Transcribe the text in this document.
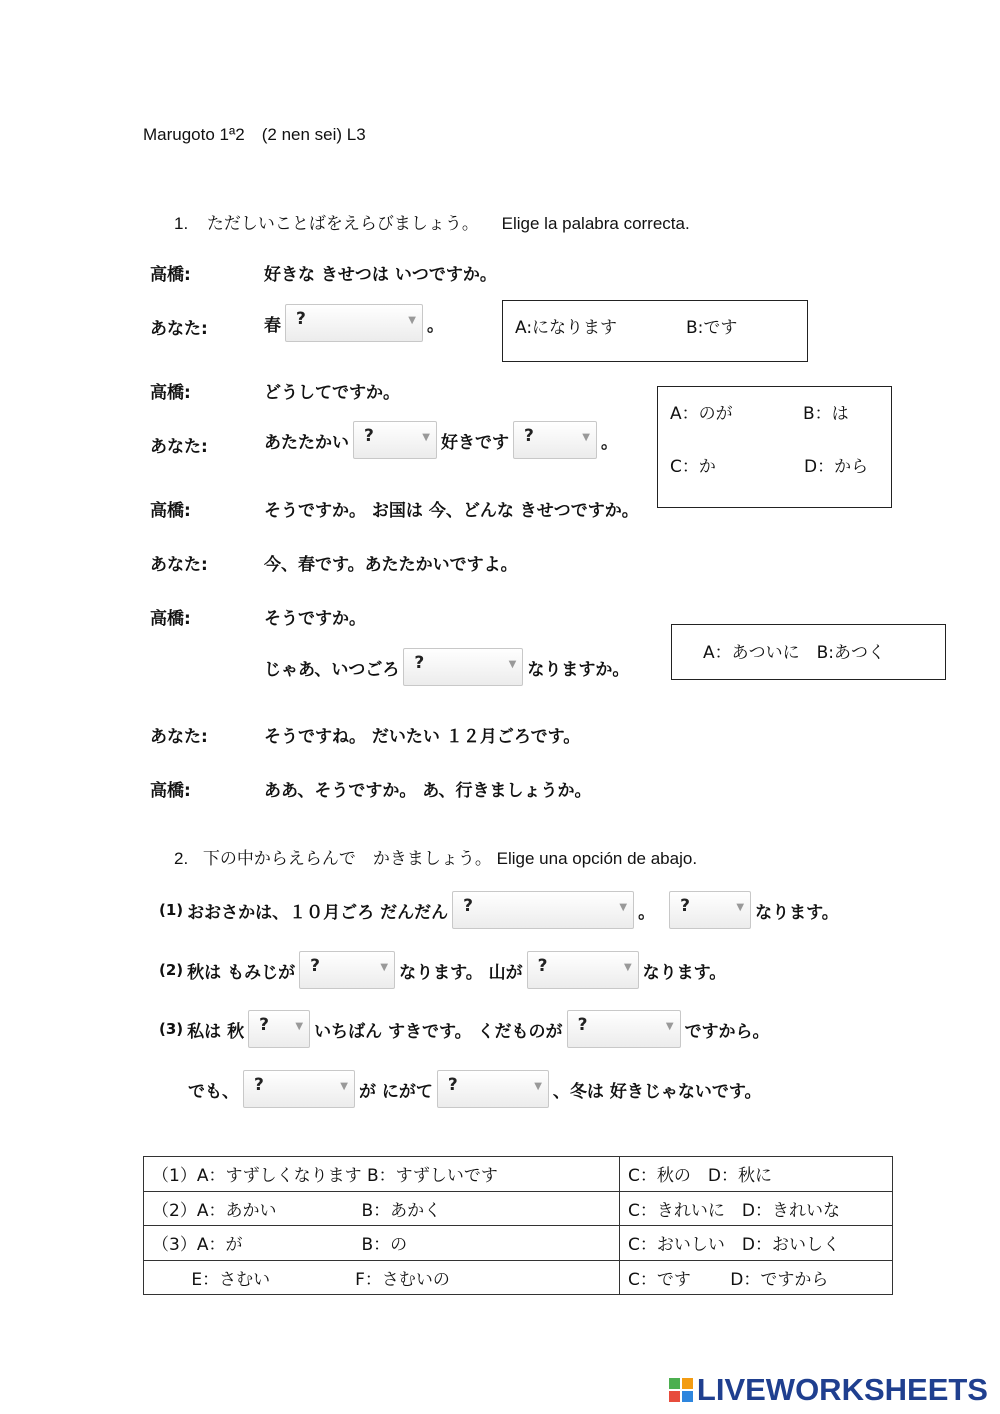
Marugoto 1ª2　(2 nen sei) L3
1. ただしいことばをえらびましょう。 Elige la palabra correcta.
高橋:	好きな きせつは いつですか。
あなた:	春 ?	▼ 。
高橋:	どうしてですか。
あなた:	あたたかい ?	▼ 好きです ?	▼ 。
高橋:	そうですか。 お国は 今、どんな きせつですか。
あなた:	今、春です。あたたかいですよ。
高橋:	そうですか。
じゃあ、いつごろ ?	▼ なりますか。
あなた:	そうですね。 だいたい １２月ごろです。
高橋:	ああ、そうですか。 あ、行きましょうか。
A:になります	B:です
A：のが	B：は
C：か	D：から
A：あついに　B:あつく
2. 下の中からえらんで　かきましょう。 Elige una opción de abajo.
(1) おおさかは、１０月ごろ だんだん ?	▼ 。 ?	▼ なります。
(2) 秋は もみじが ?	▼ なります。 山が ?	▼ なります。
(3) 私は 秋 ?	▼ いちばん すきです。 くだものが ?	▼ ですから。
でも、 ?	▼ が にがて ?	▼ 、冬は 好きじゃないです。
（1）A：すずしくなります B：すずしいです	C：秋の　D：秋に
（2）A：あかい　　　　　B：あかく	C：きれいに　D：きれいな
（3）A：が　　　　　　　B：の	C：おいしい　D：おいしく
　　 E：さむい　　　　　F：さむいの	C：です　　 D：ですから
LIVEWORKSHEETS
